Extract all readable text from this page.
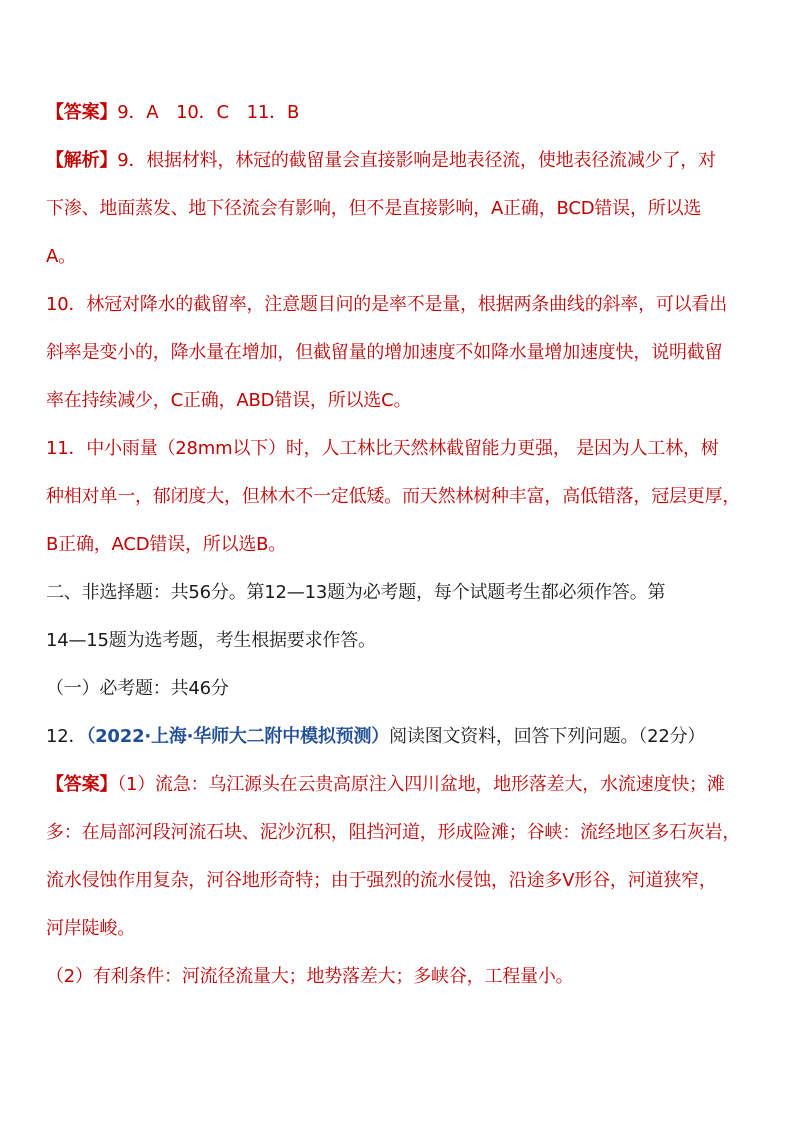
【答案】9．A　10．C　11．B
【解析】9．根据材料，林冠的截留量会直接影响是地表径流，使地表径流减少了，对
下渗、地面蒸发、地下径流会有影响，但不是直接影响，A正确，BCD错误，所以选
A。
10．林冠对降水的截留率，注意题目问的是率不是量，根据两条曲线的斜率，可以看出
斜率是变小的，降水量在增加，但截留量的增加速度不如降水量增加速度快，说明截留
率在持续减少，C正确，ABD错误，所以选C。
11．中小雨量（28mm以下）时，人工林比天然林截留能力更强， 是因为人工林，树
种相对单一，郁闭度大，但林木不一定低矮。而天然林树种丰富，高低错落，冠层更厚，
B正确，ACD错误，所以选B。
二、非选择题：共56分。第12—13题为必考题，每个试题考生都必须作答。第
14—15题为选考题，考生根据要求作答。
（一）必考题：共46分
12．（2022·上海·华师大二附中模拟预测）阅读图文资料，回答下列问题。（22分）
【答案】（1）流急：乌江源头在云贵高原注入四川盆地，地形落差大，水流速度快；滩
多：在局部河段河流石块、泥沙沉积，阻挡河道，形成险滩；谷峡：流经地区多石灰岩，
流水侵蚀作用复杂，河谷地形奇特；由于强烈的流水侵蚀，沿途多V形谷，河道狭窄，
河岸陡峻。
（2）有利条件：河流径流量大；地势落差大；多峡谷，工程量小。
